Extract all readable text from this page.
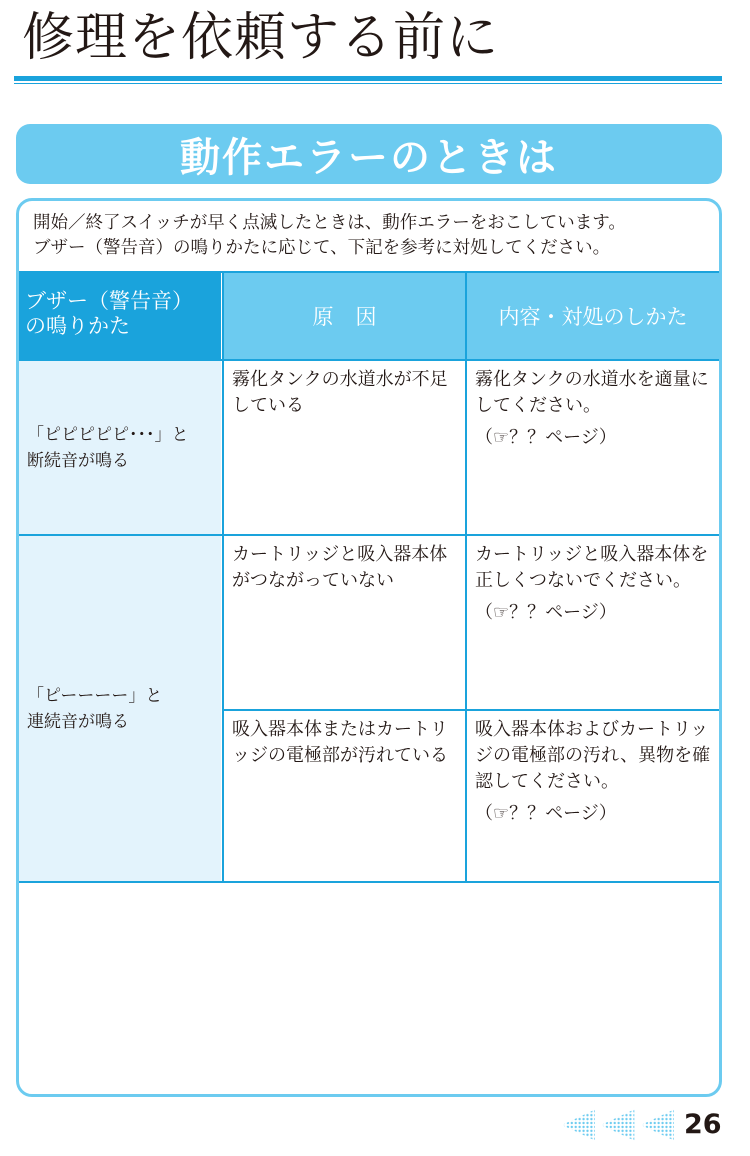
修理を依頼する前に
動作エラーのときは
開始／終了スイッチが早く点滅したときは、動作エラーをおこしています。
ブザー（警告音）の鳴りかたに応じて、下記を参考に対処してください。
ブザー（警告音）
の鳴りかた	原因	内容・対処のしかた
「ピピピピピ･･･」と
断続音が鳴る
霧化タンクの水道水が不足している
霧化タンクの水道水を適量にしてください。
（☞？？ページ）
「ピーーーー」と
連続音が鳴る
カートリッジと吸入器本体がつながっていない
カートリッジと吸入器本体を正しくつないでください。
（☞？？ページ）
吸入器本体またはカートリッジの電極部が汚れている
吸入器本体およびカートリッジの電極部の汚れ、異物を確認してください。
（☞？？ページ）
26
